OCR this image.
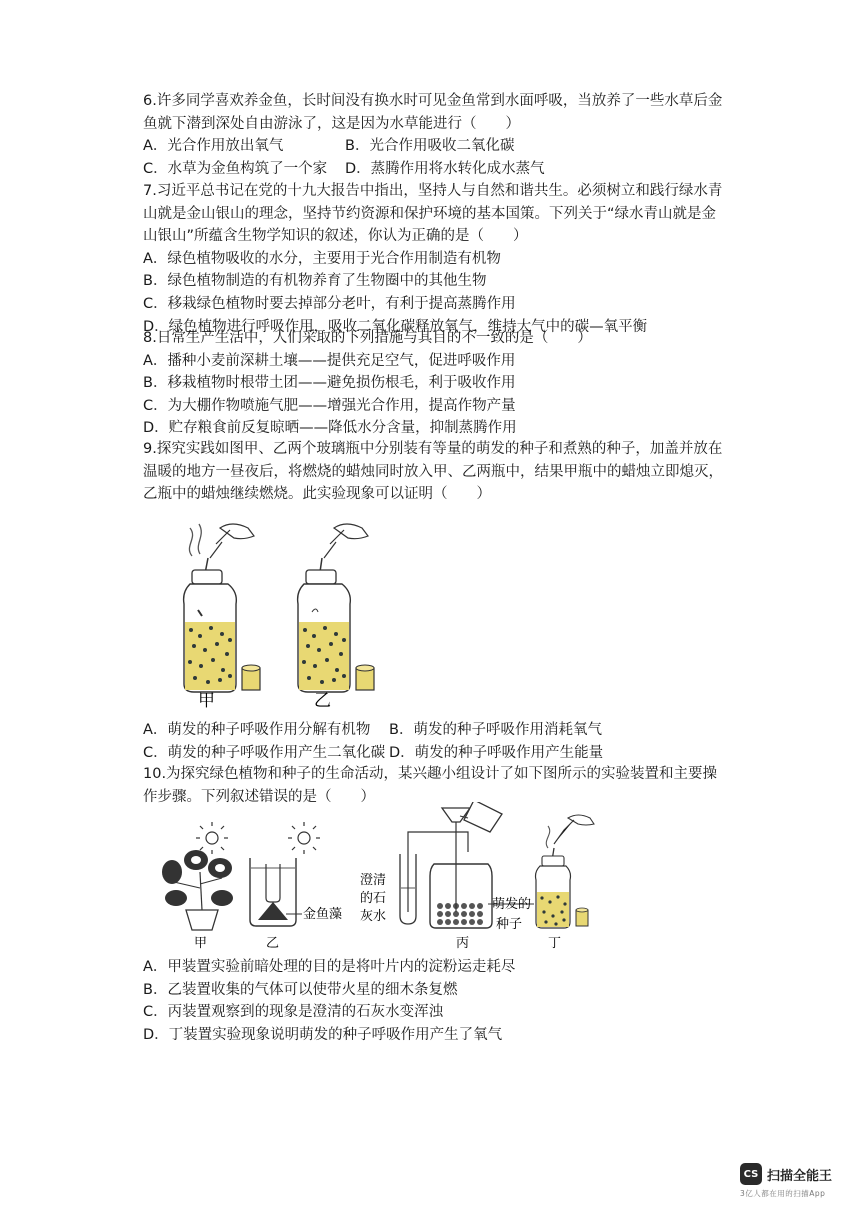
6.许多同学喜欢养金鱼，长时间没有换水时可见金鱼常到水面呼吸，当放养了一些水草后金
鱼就下潜到深处自由游泳了，这是因为水草能进行（　　）
A．光合作用放出氧气	B．光合作用吸收二氧化碳
C．水草为金鱼构筑了一个家	D．蒸腾作用将水转化成水蒸气
7.习近平总书记在党的十九大报告中指出，坚持人与自然和谐共生。必须树立和践行绿水青
山就是金山银山的理念，坚持节约资源和保护环境的基本国策。下列关于“绿水青山就是金
山银山”所蕴含生物学知识的叙述，你认为正确的是（　　）
A．绿色植物吸收的水分，主要用于光合作用制造有机物
B．绿色植物制造的有机物养育了生物圈中的其他生物
C．移栽绿色植物时要去掉部分老叶，有利于提高蒸腾作用
D．绿色植物进行呼吸作用，吸收二氧化碳释放氧气，维持大气中的碳—氧平衡
8.日常生产生活中，人们采取的下列措施与其目的不一致的是（　　）
A．播种小麦前深耕土壤——提供充足空气，促进呼吸作用
B．移栽植物时根带土团——避免损伤根毛，利于吸收作用
C．为大棚作物喷施气肥——增强光合作用，提高作物产量
D．贮存粮食前反复晾晒——降低水分含量，抑制蒸腾作用
9.探究实践如图甲、乙两个玻璃瓶中分别装有等量的萌发的种子和煮熟的种子，加盖并放在
温暖的地方一昼夜后，将燃烧的蜡烛同时放入甲、乙两瓶中，结果甲瓶中的蜡烛立即熄灭，
乙瓶中的蜡烛继续燃烧。此实验现象可以证明（　　）
甲	乙
A．萌发的种子呼吸作用分解有机物	B．萌发的种子呼吸作用消耗氧气
C．萌发的种子呼吸作用产生二氧化碳 D．萌发的种子呼吸作用产生能量
10.为探究绿色植物和种子的生命活动，某兴趣小组设计了如下图所示的实验装置和主要操
作步骤。下列叙述错误的是（　　）
甲
金鱼藻
乙
澄清
的石
灰水
丙
萌发的
种子
丁
A．甲装置实验前暗处理的目的是将叶片内的淀粉运走耗尽
B．乙装置收集的气体可以使带火星的细木条复燃
C．丙装置观察到的现象是澄清的石灰水变浑浊
D．丁装置实验现象说明萌发的种子呼吸作用产生了氧气
CS 扫描全能王
3亿人都在用的扫描App
